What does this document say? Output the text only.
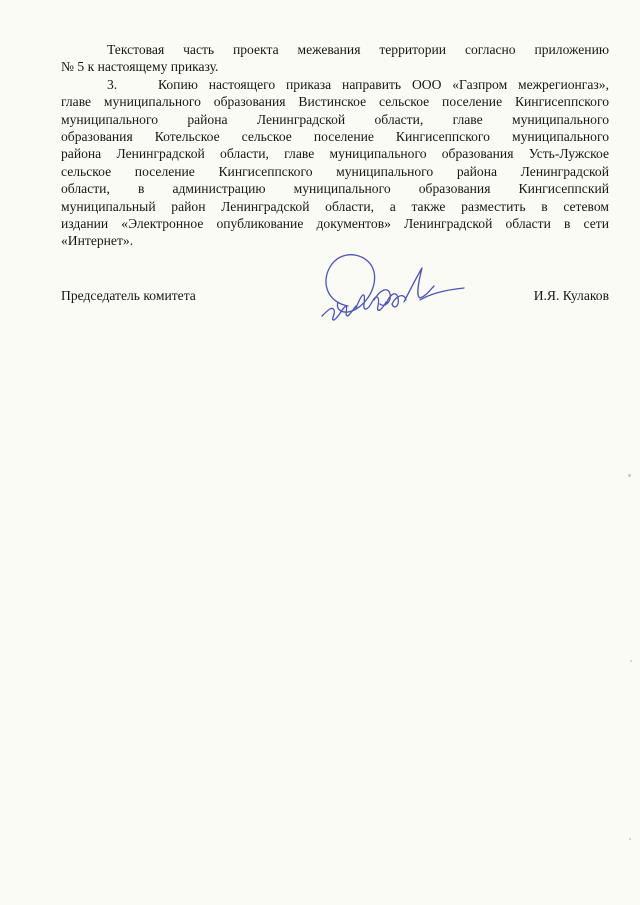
Текстовая часть проекта межевания территории согласно приложению
№ 5 к настоящему приказу.

3.	Копию настоящего приказа направить ООО «Газпром межрегионгаз»,
главе муниципального образования Вистинское сельское поселение Кингисеппского
муниципального района Ленинградской области, главе муниципального
образования Котельское сельское поселение Кингисеппского муниципального
района Ленинградской области, главе муниципального образования Усть-Лужское
сельское поселение Кингисеппского муниципального района Ленинградской
области, в администрацию муниципального образования Кингисеппский
муниципальный район Ленинградской области, а также разместить в сетевом
издании «Электронное опубликование документов» Ленинградской области в сети
«Интернет».

Председатель комитета	И.Я. Кулаков
